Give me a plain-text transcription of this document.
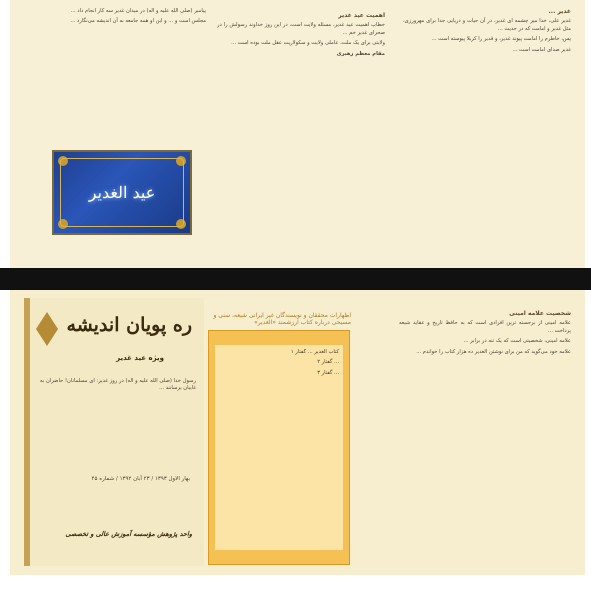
غدیر ...

غدیر علی، خدا میر چشمه ای غدیر، در آن حیات و دریایی جدا برای مهرورزی، مثل غدیر و امامت که در حدیث ...

پس، خاطرم را امامت پیوند غدیر، و قدیر را کربلا پیوسته است ...

غدیر صدای امامت است ...

اهمیت عید غدیر

خطاب اهمیت عید غدیر، مسئله ولایت است، در این روز خداوند رسولش را در صحرای غدیر خم ...

ولایتی برای یک ملت، عاملی ولایت و سکولاریت عقل ملت بوده است ...

مقام معظم رهبری

پیامبر (صلی الله علیه و آله) در میدان غدیر سه کار انجام داد ...

مجلس است و ... و این او همه جامعه به آن اندیشه می‌نگارد ...

عید الغدیر
ره پویان اندیشه
ویژه عید غدیر

رسول خدا (صلی الله علیه و آله) در روز غدیر: ای مسلمانان! حاضران به غایبان برسانند ...

بهار الاول ۱۳۹۳ / ۲۳ آبان ۱۳۹۲ / شماره ۴۵
واحد پژوهش مؤسسه آموزش عالی و تخصصی
شخصیت علامه امینی

علامه امینی از برجسته ترین افرادی است که به حافظ تاریخ و عقاید شیعه پرداخت ...

علامه امینی، شخصیتی است که یک تنه در برابر ...

علامه خود می‌گوید که من برای نوشتن الغدیر ده هزار کتاب را خواندم ...

اظهارات محققان و نویسندگان غیر ایرانی شیعه، سنی و مسیحی درباره کتاب ارزشمند «الغدیر»

کتاب الغدیر ... گفتار ۱

... گفتار ۲

... گفتار ۳
